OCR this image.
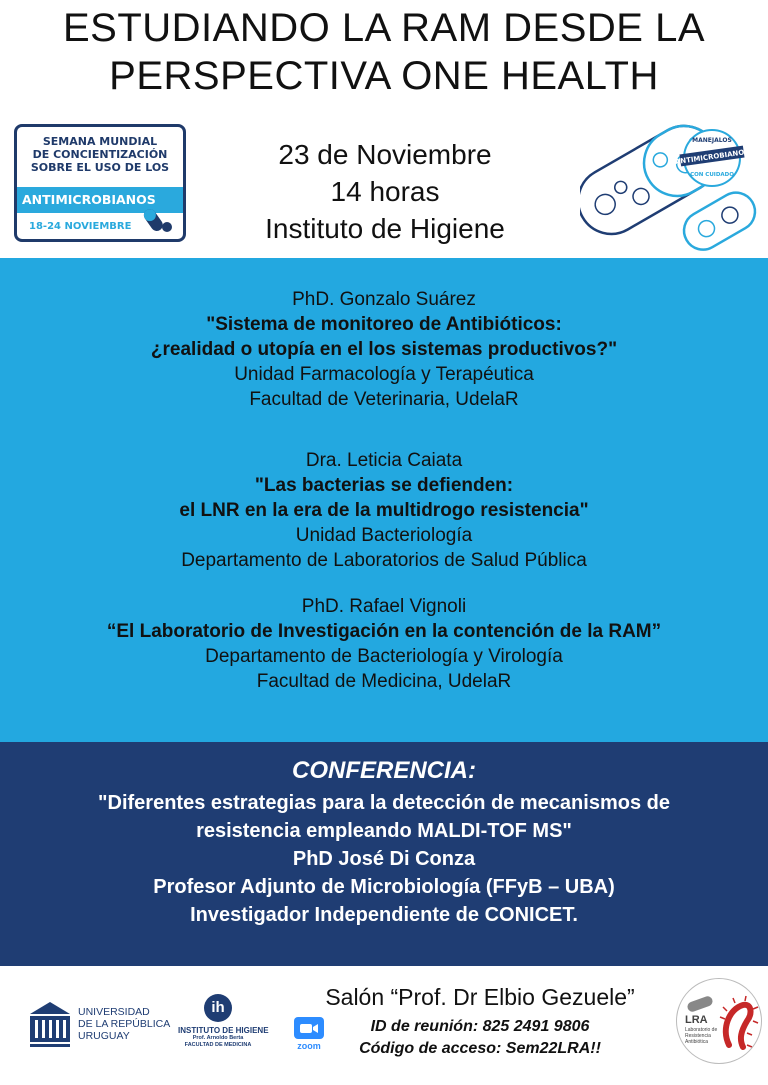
ESTUDIANDO LA RAM DESDE LA
PERSPECTIVA ONE HEALTH
SEMANA MUNDIAL
DE CONCIENTIZACIÓN
SOBRE EL USO DE LOS
ANTIMICROBIANOS
18-24 NOVIEMBRE
23 de Noviembre
14 horas
Instituto de Higiene
MANEJALOS
ANTIMICROBIANOS
CON CUIDADO
PhD. Gonzalo Suárez
"Sistema de monitoreo de Antibióticos:
¿realidad o utopía en el los sistemas productivos?"
Unidad Farmacología y Terapéutica
Facultad de Veterinaria, UdelaR
Dra. Leticia Caiata
"Las bacterias se defienden:
el LNR en la era de la multidrogo resistencia"
Unidad Bacteriología
Departamento de Laboratorios de Salud Pública
PhD. Rafael Vignoli
“El Laboratorio de Investigación en la contención de la RAM”
Departamento de Bacteriología y Virología
Facultad de Medicina, UdelaR
CONFERENCIA:
"Diferentes estrategias para la detección de mecanismos de
resistencia empleando MALDI-TOF MS"
PhD José Di Conza
Profesor Adjunto de Microbiología (FFyB – UBA)
Investigador Independiente de CONICET.
UNIVERSIDAD
DE LA REPÚBLICA
URUGUAY
ih
INSTITUTO DE HIGIENE
Prof. Arnoldo Berta
FACULTAD DE MEDICINA
Salón “Prof. Dr Elbio Gezuele”
zoom
ID de reunión: 825 2491 9806
Código de acceso: Sem22LRA!!
LRA
Laboratorio de
Resistencia
Antibiótica
